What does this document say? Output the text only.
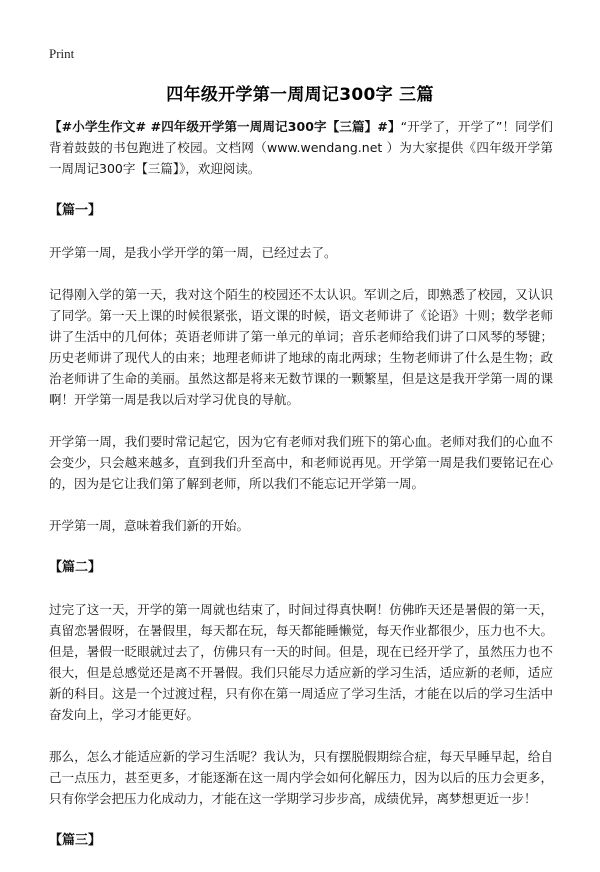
Print
四年级开学第一周周记300字 三篇

【#小学生作文# #四年级开学第一周周记300字【三篇】#】“开学了，开学了”！同学们背着鼓鼓的书包跑进了校园。文档网（www.wendang.net ）为大家提供《四年级开学第一周周记300字【三篇】》，欢迎阅读。

【篇一】

开学第一周，是我小学开学的第一周，已经过去了。

记得刚入学的第一天，我对这个陌生的校园还不太认识。军训之后，即熟悉了校园，又认识了同学。第一天上课的时候很紧张，语文课的时候，语文老师讲了《论语》十则；数学老师讲了生活中的几何体；英语老师讲了第一单元的单词；音乐老师给我们讲了口风琴的琴键；历史老师讲了现代人的由来；地理老师讲了地球的南北两球；生物老师讲了什么是生物；政治老师讲了生命的美丽。虽然这都是将来无数节课的一颗繁星，但是这是我开学第一周的课啊！开学第一周是我以后对学习优良的导航。

开学第一周，我们要时常记起它，因为它有老师对我们班下的第心血。老师对我们的心血不会变少，只会越来越多，直到我们升至高中，和老师说再见。开学第一周是我们要铭记在心的，因为是它让我们第了解到老师，所以我们不能忘记开学第一周。

开学第一周，意味着我们新的开始。

【篇二】

过完了这一天，开学的第一周就也结束了，时间过得真快啊！仿佛昨天还是暑假的第一天，真留恋暑假呀，在暑假里，每天都在玩，每天都能睡懒觉，每天作业都很少，压力也不大。但是，暑假一眨眼就过去了，仿佛只有一天的时间。但是，现在已经开学了，虽然压力也不很大，但是总感觉还是离不开暑假。我们只能尽力适应新的学习生活，适应新的老师，适应新的科目。这是一个过渡过程，只有你在第一周适应了学习生活，才能在以后的学习生活中奋发向上，学习才能更好。

那么，怎么才能适应新的学习生活呢？我认为，只有摆脱假期综合症，每天早睡早起，给自己一点压力，甚至更多，才能逐渐在这一周内学会如何化解压力，因为以后的压力会更多，只有你学会把压力化成动力，才能在这一学期学习步步高，成绩优异，离梦想更近一步！

【篇三】
